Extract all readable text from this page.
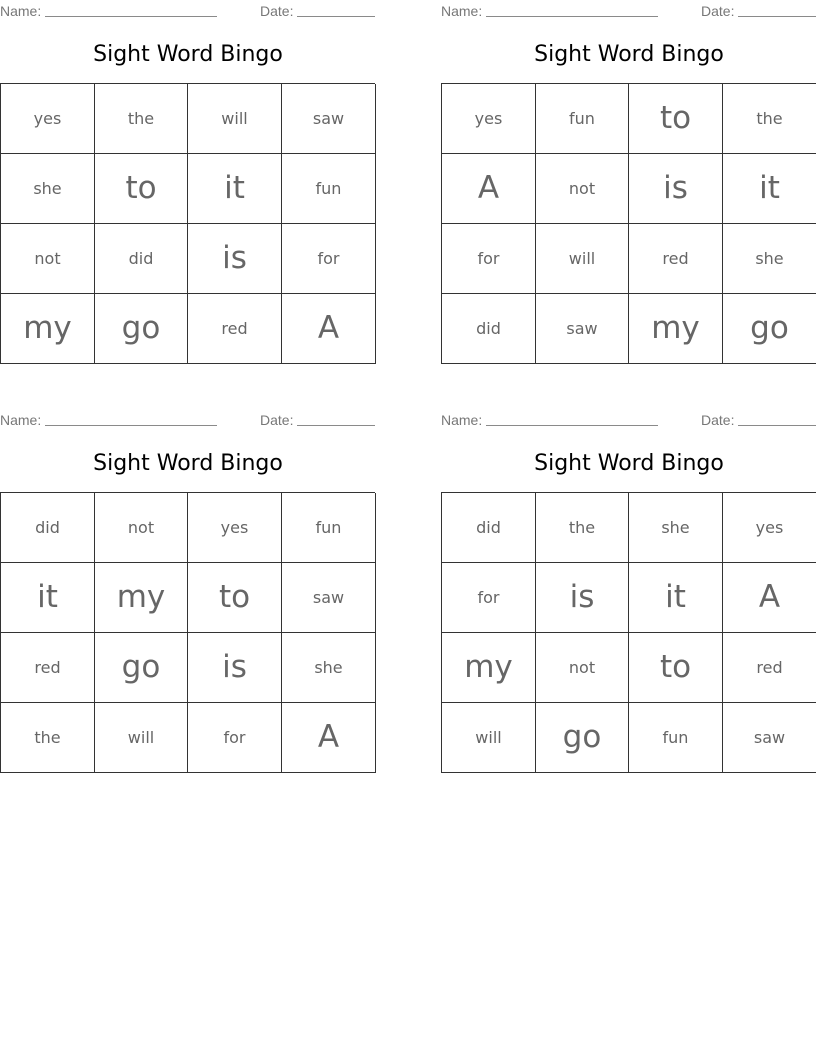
Name:	Date:
Sight Word Bingo
yes	the	will	saw
she	to	it	fun
not	did	is	for
my	go	red	A
Name:	Date:
Sight Word Bingo
yes	fun	to	the
A	not	is	it
for	will	red	she
did	saw	my	go
Name:	Date:
Sight Word Bingo
did	not	yes	fun
it	my	to	saw
red	go	is	she
the	will	for	A
Name:	Date:
Sight Word Bingo
did	the	she	yes
for	is	it	A
my	not	to	red
will	go	fun	saw
